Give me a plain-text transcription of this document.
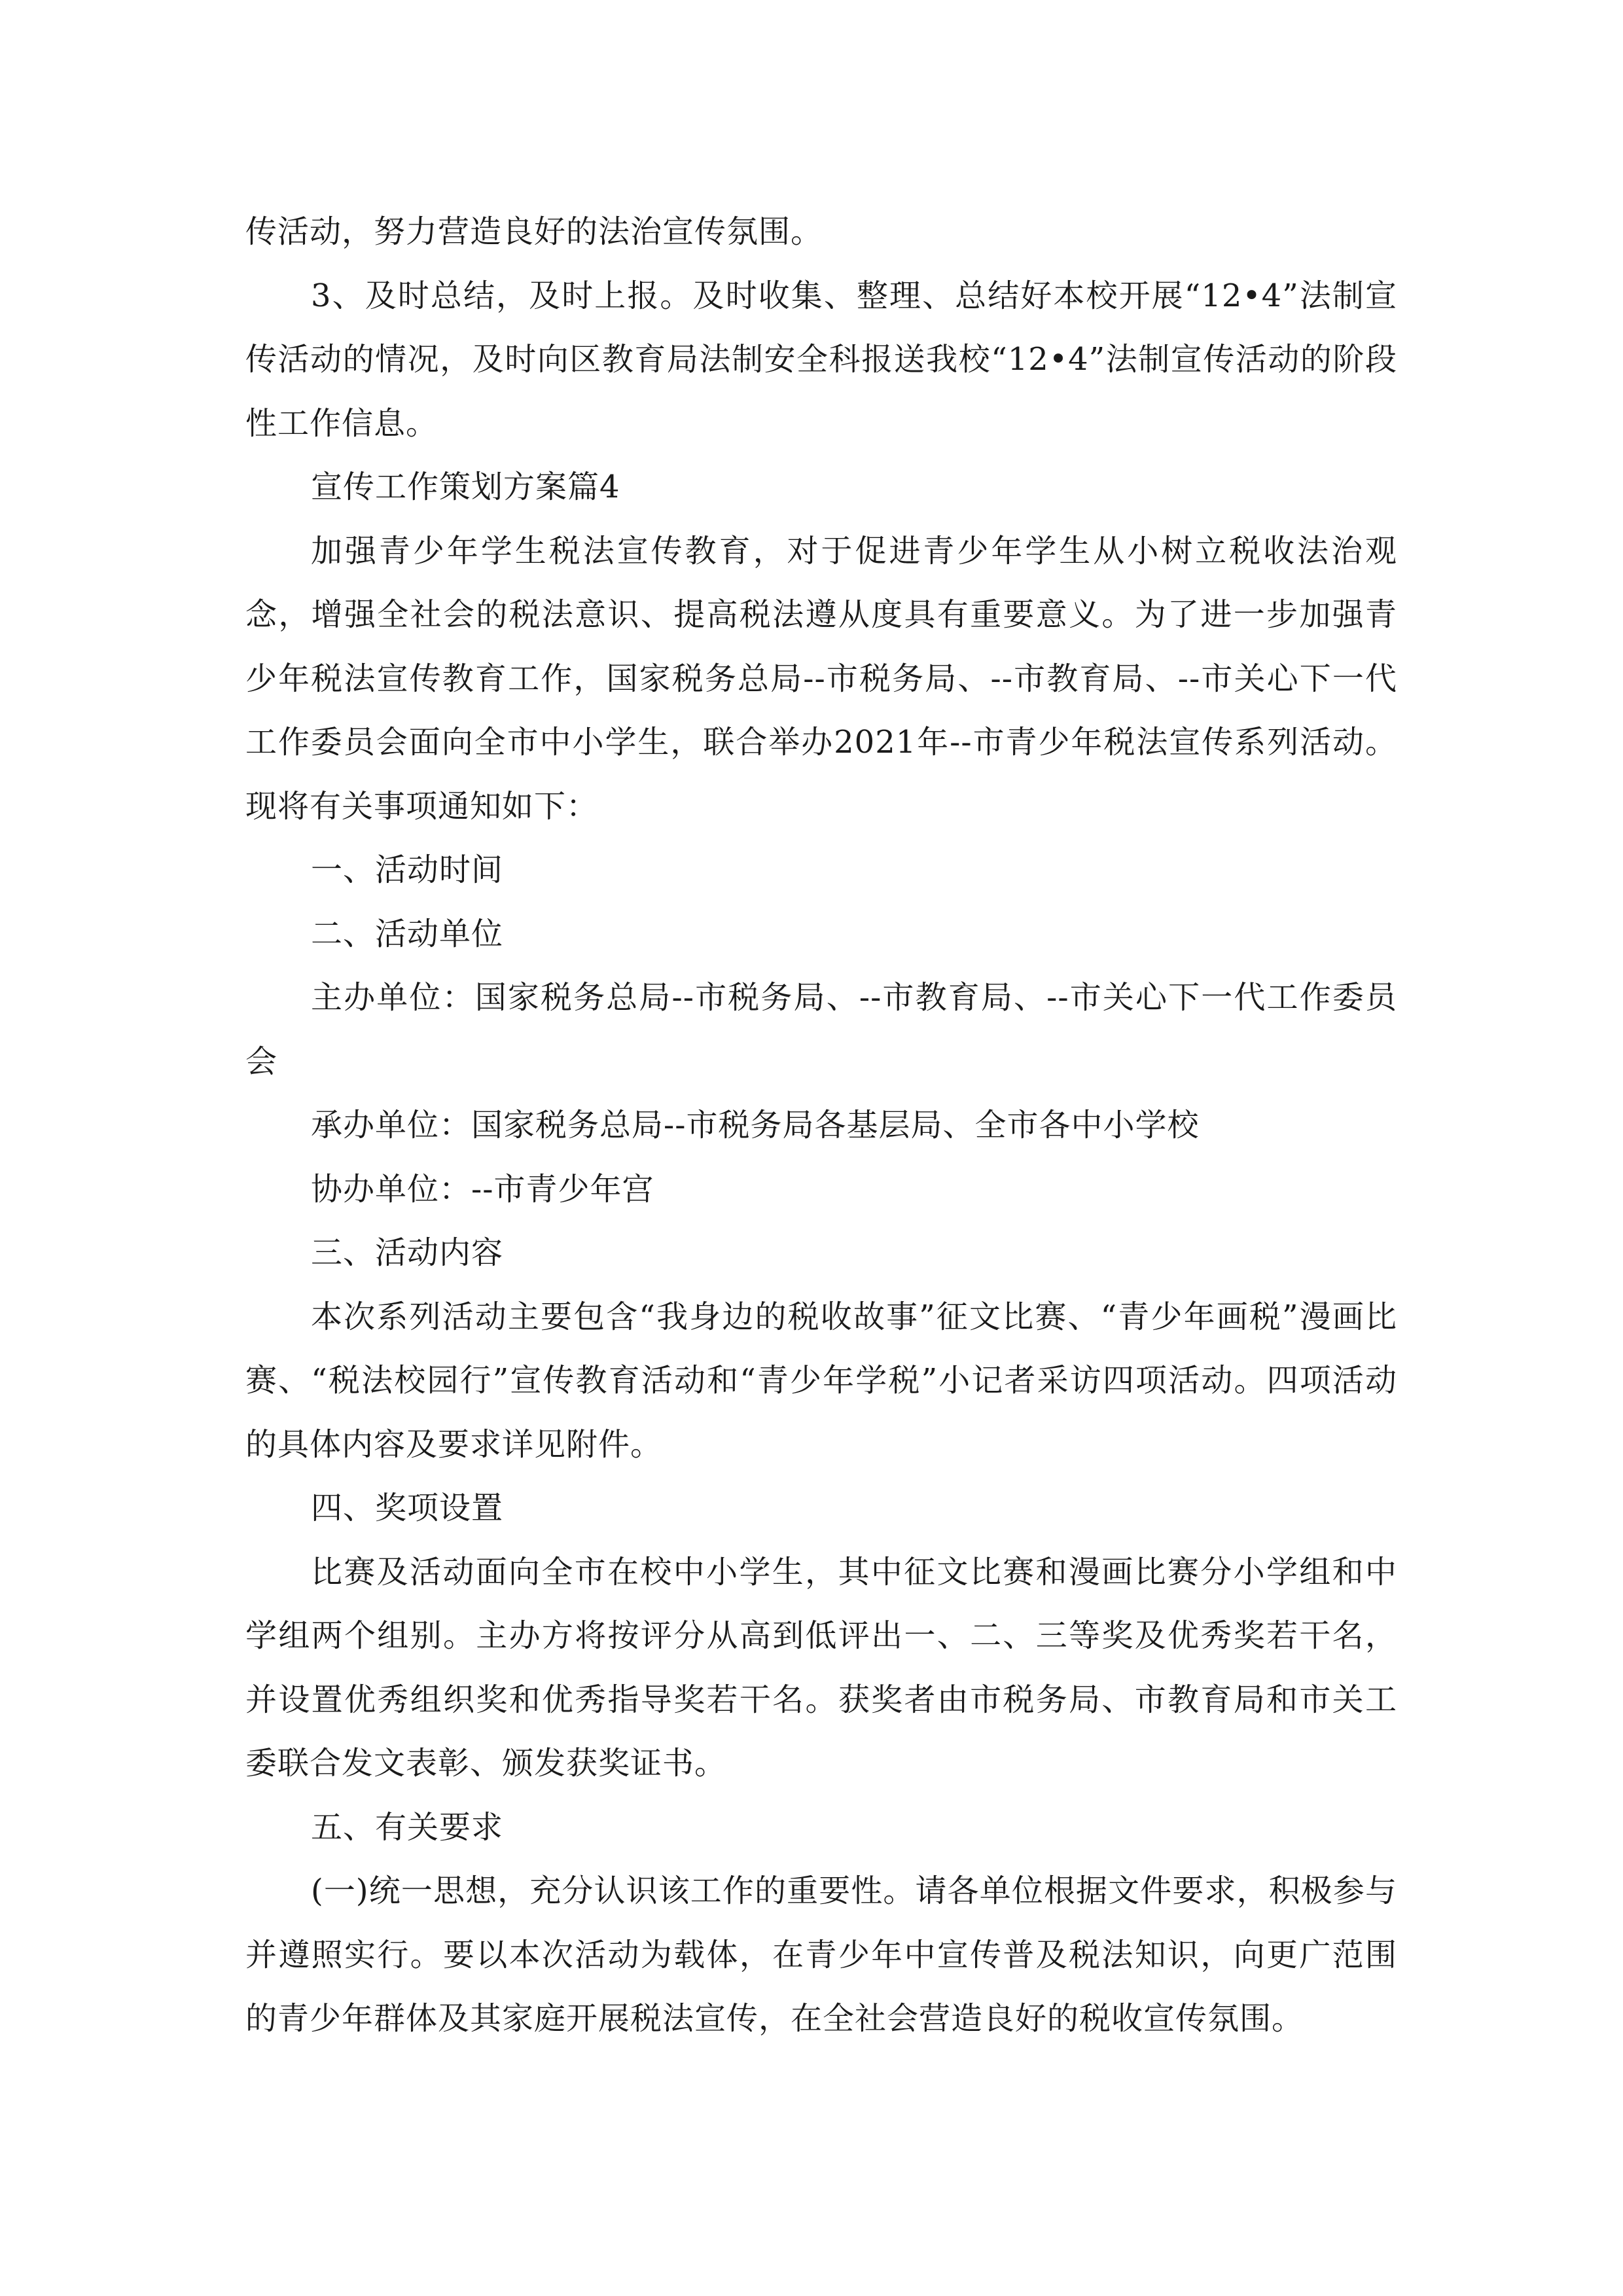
传活动，努力营造良好的法治宣传氛围。

3、及时总结，及时上报。及时收集、整理、总结好本校开展“12•4”法制宣传活动的情况，及时向区教育局法制安全科报送我校“12•4”法制宣传活动的阶段性工作信息。

宣传工作策划方案篇4

加强青少年学生税法宣传教育，对于促进青少年学生从小树立税收法治观念，增强全社会的税法意识、提高税法遵从度具有重要意义。为了进一步加强青少年税法宣传教育工作，国家税务总局--市税务局、--市教育局、--市关心下一代工作委员会面向全市中小学生，联合举办2021年--市青少年税法宣传系列活动。现将有关事项通知如下：

一、活动时间

二、活动单位

主办单位：国家税务总局--市税务局、--市教育局、--市关心下一代工作委员会

承办单位：国家税务总局--市税务局各基层局、全市各中小学校

协办单位：--市青少年宫

三、活动内容

本次系列活动主要包含“我身边的税收故事”征文比赛、“青少年画税”漫画比赛、“税法校园行”宣传教育活动和“青少年学税”小记者采访四项活动。四项活动的具体内容及要求详见附件。

四、奖项设置

比赛及活动面向全市在校中小学生，其中征文比赛和漫画比赛分小学组和中学组两个组别。主办方将按评分从高到低评出一、二、三等奖及优秀奖若干名，并设置优秀组织奖和优秀指导奖若干名。获奖者由市税务局、市教育局和市关工委联合发文表彰、颁发获奖证书。

五、有关要求

(一)统一思想，充分认识该工作的重要性。请各单位根据文件要求，积极参与并遵照实行。要以本次活动为载体，在青少年中宣传普及税法知识，向更广范围的青少年群体及其家庭开展税法宣传，在全社会营造良好的税收宣传氛围。
